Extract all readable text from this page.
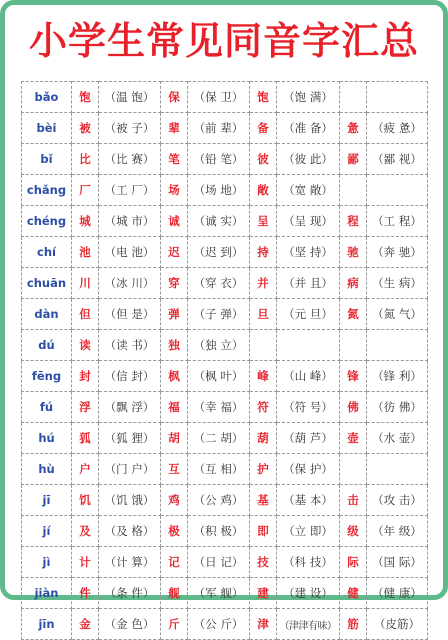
小学生常见同音字汇总
bǎo	饱	（温 饱）	保	（保 卫）	饱	（饱 满）		
bèi	被	（被 子）	辈	（前 辈）	备	（准 备）	惫	（疲 惫）
bǐ	比	（比 赛）	笔	（铅 笔）	彼	（彼 此）	鄙	（鄙 视）
chǎng	厂	（工 厂）	场	（场 地）	敞	（宽 敞）		
chéng	城	（城 市）	诚	（诚 实）	呈	（呈 现）	程	（工 程）
chí	池	（电 池）	迟	（迟 到）	持	（坚 持）	驰	（奔 驰）
chuān	川	（冰 川）	穿	（穿 衣）	并	（并 且）	病	（生 病）
dàn	但	（但 是）	弹	（子 弹）	旦	（元 旦）	氮	（氮 气）
dú	读	（读 书）	独	（独 立）				
fēng	封	（信 封）	枫	（枫 叶）	峰	（山 峰）	锋	（锋 利）
fú	浮	（飘 浮）	福	（幸 福）	符	（符 号）	佛	（彷 佛）
hú	狐	（狐 狸）	胡	（二 胡）	葫	（葫 芦）	壶	（水 壶）
hù	户	（门 户）	互	（互 相）	护	（保 护）		
jī	饥	（饥 饿）	鸡	（公 鸡）	基	（基 本）	击	（攻 击）
jí	及	（及 格）	极	（积 极）	即	（立 即）	级	（年 级）
jì	计	（计 算）	记	（日 记）	技	（科 技）	际	（国 际）
jiàn	件	（条 件）	舰	（军 舰）	建	（建 设）	健	（健 康）
jīn	金	（金 色）	斤	（公 斤）	津	（津津有味）	筋	（皮筋）
